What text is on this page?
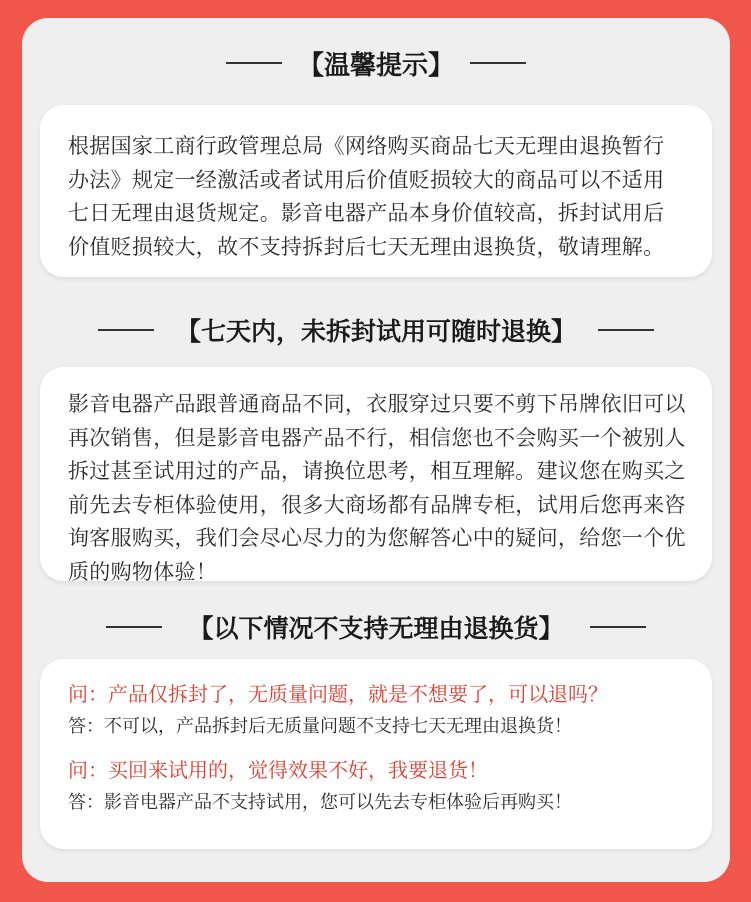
【温馨提示】
根据国家工商行政管理总局《网络购买商品七天无理由退换暂行办法》规定一经激活或者试用后价值贬损较大的商品可以不适用七日无理由退货规定。影音电器产品本身价值较高，拆封试用后价值贬损较大，故不支持拆封后七天无理由退换货，敬请理解。
【七天内，未拆封试用可随时退换】
影音电器产品跟普通商品不同，衣服穿过只要不剪下吊牌依旧可以再次销售，但是影音电器产品不行，相信您也不会购买一个被别人拆过甚至试用过的产品，请换位思考，相互理解。建议您在购买之前先去专柜体验使用，很多大商场都有品牌专柜，试用后您再来咨询客服购买，我们会尽心尽力的为您解答心中的疑问，给您一个优质的购物体验！
【以下情况不支持无理由退换货】
问：产品仅拆封了，无质量问题，就是不想要了，可以退吗？
答：不可以，产品拆封后无质量问题不支持七天无理由退换货！
问：买回来试用的，觉得效果不好，我要退货！
答：影音电器产品不支持试用，您可以先去专柜体验后再购买！
